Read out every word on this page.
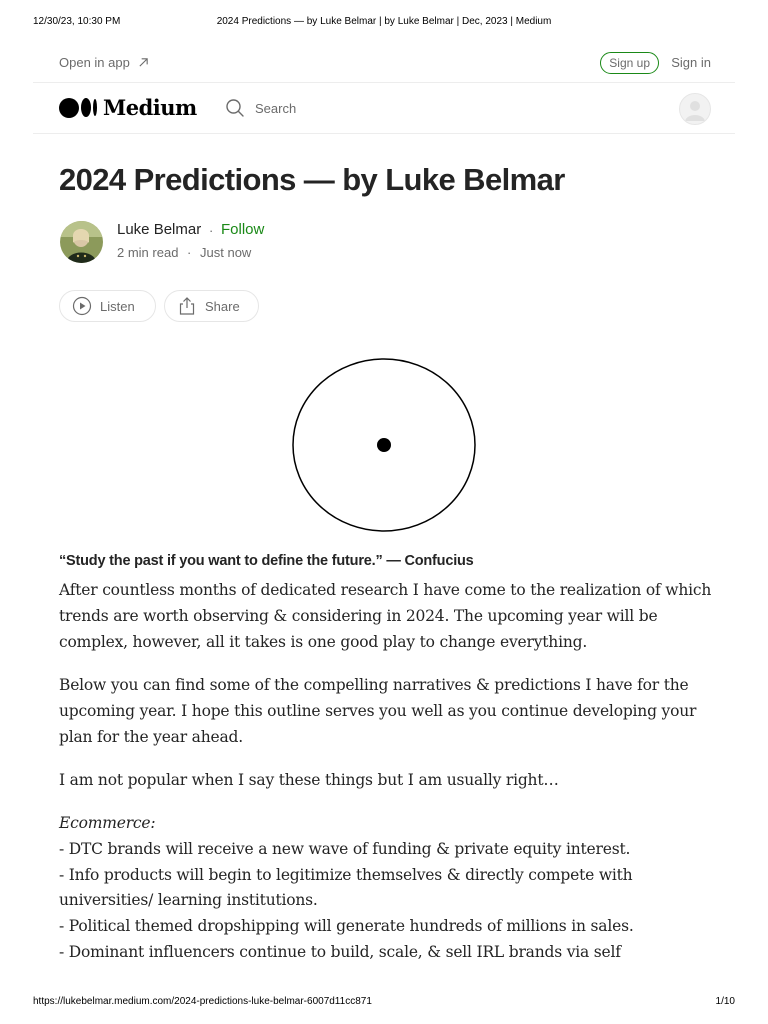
12/30/23, 10:30 PM	2024 Predictions — by Luke Belmar | by Luke Belmar | Dec, 2023 | Medium
Open in app	Sign up	Sign in
Medium
Search
2024 Predictions — by Luke Belmar
Luke Belmar · Follow
2 min read · Just now
Listen	Share

“Study the past if you want to define the future.” — Confucius

After countless months of dedicated research I have come to the realization of which trends are worth observing & considering in 2024. The upcoming year will be complex, however, all it takes is one good play to change everything.

Below you can find some of the compelling narratives & predictions I have for the upcoming year. I hope this outline serves you well as you continue developing your plan for the year ahead.

I am not popular when I say these things but I am usually right…

Ecommerce:
- DTC brands will receive a new wave of funding & private equity interest.
- Info products will begin to legitimize themselves & directly compete with universities/ learning institutions.
- Political themed dropshipping will generate hundreds of millions in sales.
- Dominant influencers continue to build, scale, & sell IRL brands via self
https://lukebelmar.medium.com/2024-predictions-luke-belmar-6007d11cc871	1/10
